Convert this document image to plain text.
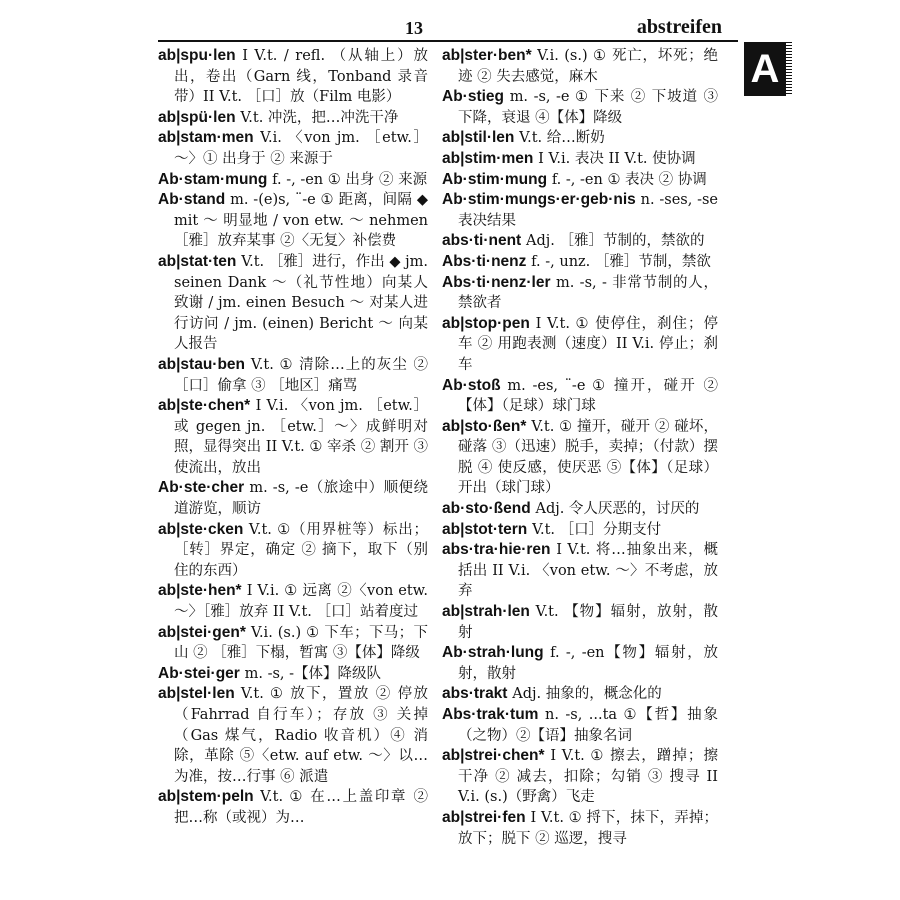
13	abstreifen
A

ab|spu·len I V.t. / refl. （从轴上）放出，卷出（Garn 线，Tonband 录音带）II V.t. ［口］放（Film 电影）

ab|spü·len V.t. 冲洗，把…冲洗干净

ab|stam·men V.i. 〈von jm. ［etw.］～〉① 出身于 ② 来源于

Ab·stam·mung f. -, -en ① 出身 ② 来源

Ab·stand m. -(e)s, ¨-e ① 距离，间隔 ◆ mit ～ 明显地 / von etw. ～ nehmen ［雅］放弃某事 ②〈无复〉补偿费

ab|stat·ten V.t. ［雅］进行，作出 ◆ jm. seinen Dank ～（礼节性地）向某人致谢 / jm. einen Besuch ～ 对某人进行访问 / jm. (einen) Bericht ～ 向某人报告

ab|stau·ben V.t. ① 清除…上的灰尘 ② ［口］偷拿 ③ ［地区］痛骂

ab|ste·chen* I V.i. 〈von jm. ［etw.］或 gegen jn. ［etw.］～〉成鲜明对照，显得突出 II V.t. ① 宰杀 ② 割开 ③ 使流出，放出

Ab·ste·cher m. -s, -e（旅途中）顺便绕道游览，顺访

ab|ste·cken V.t. ①（用界桩等）标出；［转］界定，确定 ② 摘下，取下（别住的东西）

ab|ste·hen* I V.i. ① 远离 ②〈von etw. ～〉［雅］放弃 II V.t. ［口］站着度过

ab|stei·gen* V.i. (s.) ① 下车；下马；下山 ② ［雅］下榻，暂寓 ③【体】降级

Ab·stei·ger m. -s, -【体】降级队

ab|stel·len V.t. ① 放下，置放 ② 停放（Fahrrad 自行车）；存放 ③ 关掉（Gas 煤气，Radio 收音机）④ 消除，革除 ⑤〈etw. auf etw. ～〉以…为准，按…行事 ⑥ 派遣

ab|stem·peln V.t. ① 在…上盖印章 ② 把…称（或视）为…

ab|ster·ben* V.i. (s.) ① 死亡，坏死；绝迹 ② 失去感觉，麻木

Ab·stieg m. -s, -e ① 下来 ② 下坡道 ③ 下降，衰退 ④【体】降级

ab|stil·len V.t. 给…断奶

ab|stim·men I V.i. 表决 II V.t. 使协调

Ab·stim·mung f. -, -en ① 表决 ② 协调

Ab·stim·mungs·er·geb·nis n. -ses, -se 表决结果

abs·ti·nent Adj. ［雅］节制的，禁欲的

Abs·ti·nenz f. -, unz. ［雅］节制，禁欲

Abs·ti·nenz·ler m. -s, - 非常节制的人，禁欲者

ab|stop·pen I V.t. ① 使停住，刹住；停车 ② 用跑表测（速度）II V.i. 停止；刹车

Ab·stoß m. -es, ¨-e ① 撞开，碰开 ②【体】（足球）球门球

ab|sto·ßen* V.t. ① 撞开，碰开 ② 碰坏，碰落 ③（迅速）脱手，卖掉；（付款）摆脱 ④ 使反感，使厌恶 ⑤【体】（足球）开出（球门球）

ab·sto·ßend Adj. 令人厌恶的，讨厌的

ab|stot·tern V.t. ［口］分期支付

abs·tra·hie·ren I V.t. 将…抽象出来，概括出 II V.i. 〈von etw. ～〉不考虑，放弃

ab|strah·len V.t. 【物】辐射，放射，散射

Ab·strah·lung f. -, -en【物】辐射，放射，散射

abs·trakt Adj. 抽象的，概念化的

Abs·trak·tum n. -s, ...ta ①【哲】抽象（之物）②【语】抽象名词

ab|strei·chen* I V.t. ① 擦去，蹭掉；擦干净 ② 减去，扣除；勾销 ③ 搜寻 II V.i. (s.)（野禽）飞走

ab|strei·fen I V.t. ① 捋下，抹下，弄掉；放下；脱下 ② 巡逻，搜寻
